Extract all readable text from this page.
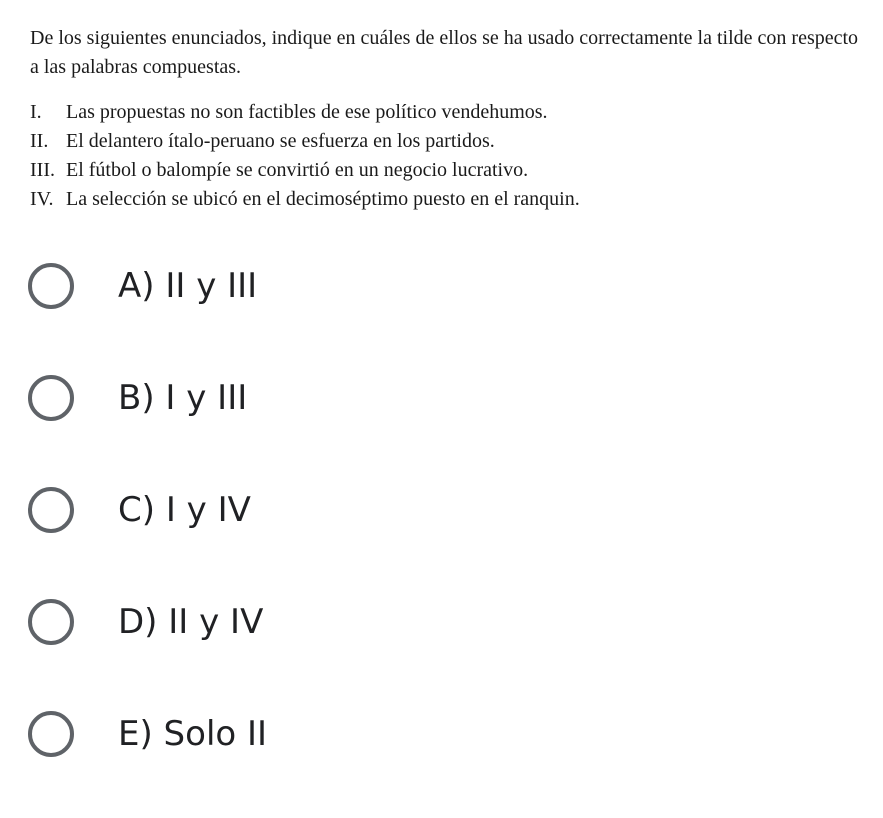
De los siguientes enunciados, indique en cuáles de ellos se ha usado correctamente la tilde con respecto a las palabras compuestas.

I.	Las propuestas no son factibles de ese político vendehumos.
II. El delantero ítalo-peruano se esfuerza en los partidos.
III. El fútbol o balompíe se convirtió en un negocio lucrativo.
IV. La selección se ubicó en el decimoséptimo puesto en el ranquin.
A) II y III
B) I y III
C) I y IV
D) II y IV
E) Solo II
